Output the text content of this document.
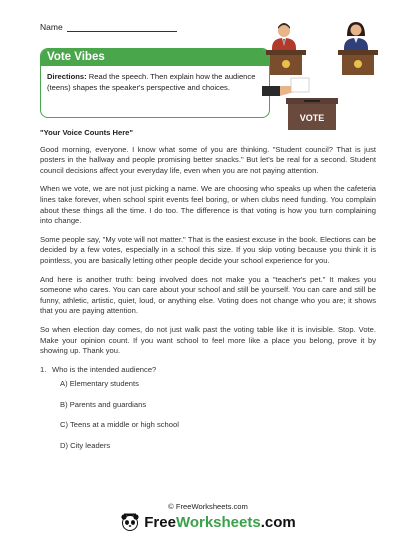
Name
Vote Vibes
Directions: Read the speech. Then explain how the audience (teens) shapes the speaker's perspective and choices.
VOTE
"Your Voice Counts Here"

Good morning, everyone. I know what some of you are thinking. "Student council? That is just posters in the hallway and people promising better snacks." But let's be real for a second. Student council decisions affect your everyday life, even when you are not paying attention.

When we vote, we are not just picking a name. We are choosing who speaks up when the cafeteria lines take forever, when school spirit events feel boring, or when clubs need funding. You complain about these things all the time. I do too. The difference is that voting is how you turn complaining into change.

Some people say, "My vote will not matter." That is the easiest excuse in the book. Elections can be decided by a few votes, especially in a school this size. If you skip voting because you think it is pointless, you are basically letting other people decide your school experience for you.

And here is another truth: being involved does not make you a "teacher's pet." It makes you someone who cares. You can care about your school and still be yourself. You can care and still be funny, athletic, artistic, quiet, loud, or anything else. Voting does not change who you are; it shows that you are paying attention.

So when election day comes, do not just walk past the voting table like it is invisible. Stop. Vote. Make your opinion count. If you want school to feel more like a place you belong, prove it by showing up. Thank you.

1. Who is the intended audience?
A) Elementary students
B) Parents and guardians
C) Teens at a middle or high school
D) City leaders
© FreeWorksheets.com
FreeWorksheets.com
